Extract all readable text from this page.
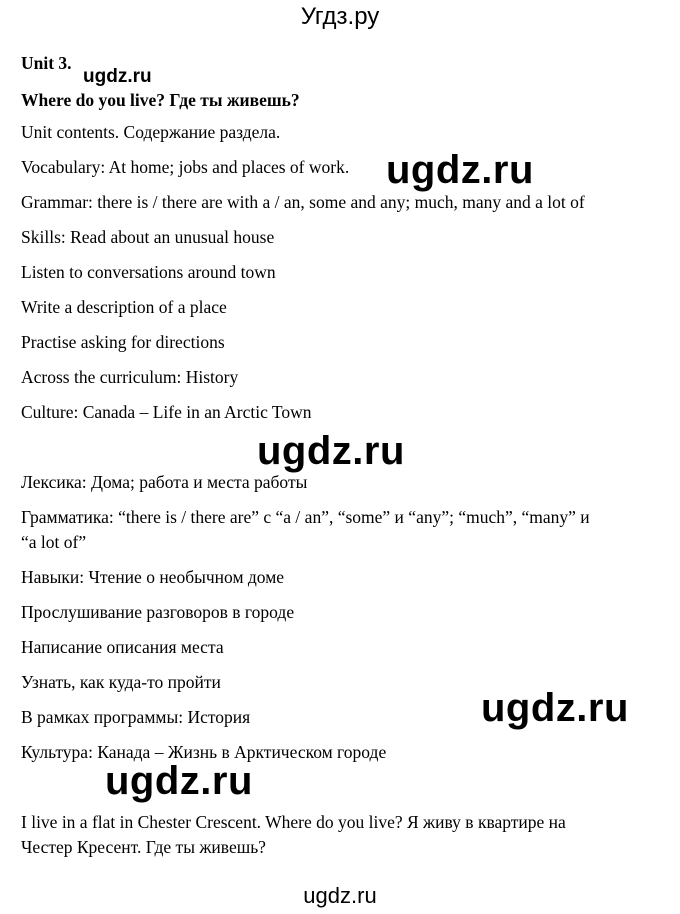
Угдз.ру
Unit 3.
ugdz.ru
Where do you live? Где ты живешь?
Unit contents. Содержание раздела.
Vocabulary: At home; jobs and places of work. ugdz.ru
Grammar: there is / there are with a / an, some and any; much, many and a lot of
Skills: Read about an unusual house
Listen to conversations around town
Write a description of a place
Practise asking for directions
Across the curriculum: History
Culture: Canada – Life in an Arctic Town
ugdz.ru
Лексика: Дома; работа и места работы
Грамматика: “there is / there are” с “a / an”, “some” и “any”; “much”, “many” и
“a lot of”
Навыки: Чтение о необычном доме
Прослушивание разговоров в городе
Написание описания места
Узнать, как куда-то пройти
ugdz.ru
В рамках программы: История
Культура: Канада – Жизнь в Арктическом городе
ugdz.ru
I live in a flat in Chester Crescent. Where do you live? Я живу в квартире на
Честер Кресент. Где ты живешь?
ugdz.ru
